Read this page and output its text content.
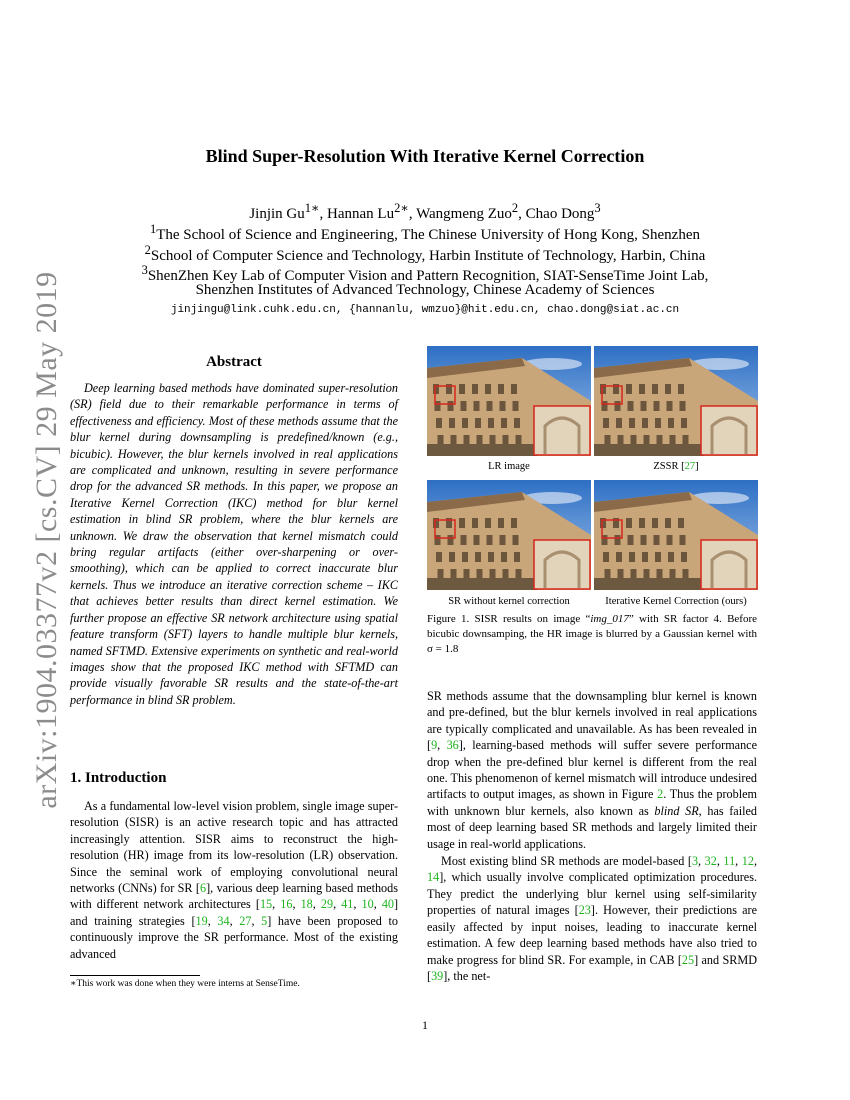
arXiv:1904.03377v2 [cs.CV] 29 May 2019
Blind Super-Resolution With Iterative Kernel Correction
Jinjin $Gu^{1∗}$, Hannan $Lu^{2∗}$, Wangmeng Zuo$^2$, Chao Dong$^3$
$^1$The School of Science and Engineering, The Chinese University of Hong Kong, Shenzhen
$^2$School of Computer Science and Technology, Harbin Institute of Technology, Harbin, China
$^3$ShenZhen Key Lab of Computer Vision and Pattern Recognition, SIAT-SenseTime Joint Lab,
Shenzhen Institutes of Advanced Technology, Chinese Academy of Sciences
jinjingu@link.cuhk.edu.cn, {hannanlu, wmzuo}@hit.edu.cn, chao.dong@siat.ac.cn
Abstract

Deep learning based methods have dominated super-resolution (SR) field due to their remarkable performance in terms of effectiveness and efficiency. Most of these methods assume that the blur kernel during downsampling is predefined/known (e.g., bicubic). However, the blur kernels involved in real applications are complicated and unknown, resulting in severe performance drop for the advanced SR methods. In this paper, we propose an Iterative Kernel Correction (IKC) method for blur kernel estimation in blind SR problem, where the blur kernels are unknown. We draw the observation that kernel mismatch could bring regular artifacts (either over-sharpening or over-smoothing), which can be applied to correct inaccurate blur kernels. Thus we introduce an iterative correction scheme – IKC that achieves better results than direct kernel estimation. We further propose an effective SR network architecture using spatial feature transform (SFT) layers to handle multiple blur kernels, named SFTMD. Extensive experiments on synthetic and real-world images show that the proposed IKC method with SFTMD can provide visually favorable SR results and the state-of-the-art performance in blind SR problem.

1. Introduction

As a fundamental low-level vision problem, single image super-resolution (SISR) is an active research topic and has attracted increasingly attention. SISR aims to reconstruct the high-resolution (HR) image from its low-resolution (LR) observation. Since the seminal work of employing convolutional neural networks (CNNs) for SR [6], various deep learning based methods with different network architectures [15, 16, 18, 29, 41, 10, 40] and training strategies [19, 34, 27, 5] have been proposed to continuously improve the SR performance. Most of the existing advanced

∗This work was done when they were interns at SenseTime.
LR image	ZSSR [27]
SR without kernel correction	Iterative Kernel Correction (ours)
Figure 1. SISR results on image “img_017” with SR factor 4. Before bicubic downsamping, the HR image is blurred by a Gaussian kernel with σ = 1.8

SR methods assume that the downsampling blur kernel is known and pre-defined, but the blur kernels involved in real applications are typically complicated and unavailable. As has been revealed in [9, 36], learning-based methods will suffer severe performance drop when the pre-defined blur kernel is different from the real one. This phenomenon of kernel mismatch will introduce undesired artifacts to output images, as shown in Figure 2. Thus the problem with unknown blur kernels, also known as blind SR, has failed most of deep learning based SR methods and largely limited their usage in real-world applications.

Most existing blind SR methods are model-based [3, 32, 11, 12, 14], which usually involve complicated optimization procedures. They predict the underlying blur kernel using self-similarity properties of natural images [23]. However, their predictions are easily affected by input noises, leading to inaccurate kernel estimation. A few deep learning based methods have also tried to make progress for blind SR. For example, in CAB [25] and SRMD [39], the net-

1
